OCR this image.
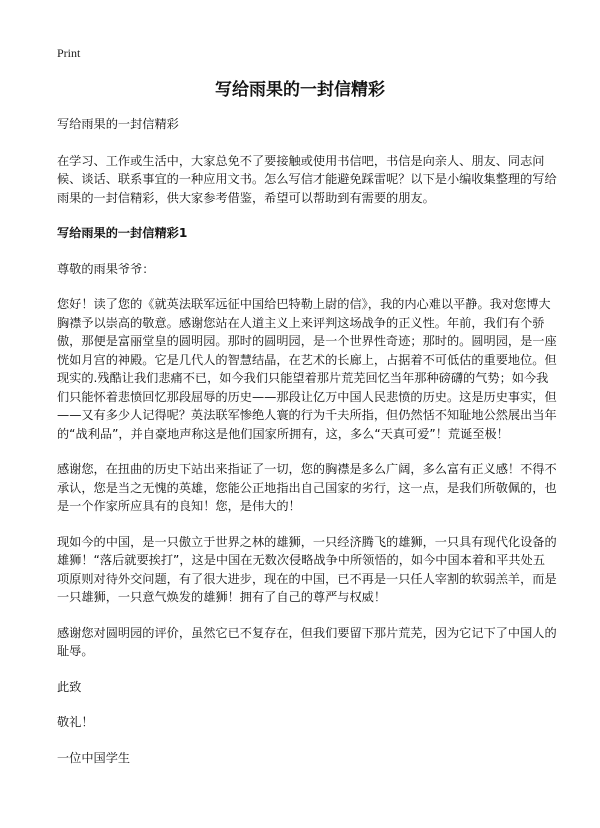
Print
写给雨果的一封信精彩

写给雨果的一封信精彩

在学习、工作或生活中，大家总免不了要接触或使用书信吧，书信是向亲人、朋友、同志问候、谈话、联系事宜的一种应用文书。怎么写信才能避免踩雷呢？以下是小编收集整理的写给雨果的一封信精彩，供大家参考借鉴，希望可以帮助到有需要的朋友。

写给雨果的一封信精彩1

尊敬的雨果爷爷：

您好！读了您的《就英法联军远征中国给巴特勒上尉的信》，我的内心难以平静。我对您博大胸襟予以崇高的敬意。感谢您站在人道主义上来评判这场战争的正义性。年前，我们有个骄傲，那便是富丽堂皇的圆明园。那时的圆明园，是一个世界性奇迹；那时的。圆明园，是一座恍如月宫的神殿。它是几代人的智慧结晶，在艺术的长廊上，占据着不可低估的重要地位。但现实的.残酷让我们悲痛不已，如今我们只能望着那片荒芜回忆当年那种磅礴的气势；如今我们只能怀着悲愤回忆那段屈辱的历史——那段让亿万中国人民悲愤的历史。这是历史事实，但——又有多少人记得呢？英法联军惨绝人寰的行为千夫所指，但仍然恬不知耻地公然展出当年的“战利品”，并自豪地声称这是他们国家所拥有，这，多么“天真可爱”！荒诞至极！

感谢您，在扭曲的历史下站出来指证了一切，您的胸襟是多么广阔，多么富有正义感！不得不承认，您是当之无愧的英雄，您能公正地指出自己国家的劣行，这一点，是我们所敬佩的，也是一个作家所应具有的良知！您，是伟大的！

现如今的中国，是一只傲立于世界之林的雄狮，一只经济腾飞的雄狮，一只具有现代化设备的雄狮！“落后就要挨打”，这是中国在无数次侵略战争中所领悟的，如今中国本着和平共处五项原则对待外交问题，有了很大进步，现在的中国，已不再是一只任人宰割的软弱羔羊，而是一只雄狮，一只意气焕发的雄狮！拥有了自己的尊严与权威！

感谢您对圆明园的评价，虽然它已不复存在，但我们要留下那片荒芜，因为它记下了中国人的耻辱。

此致

敬礼！

一位中国学生
